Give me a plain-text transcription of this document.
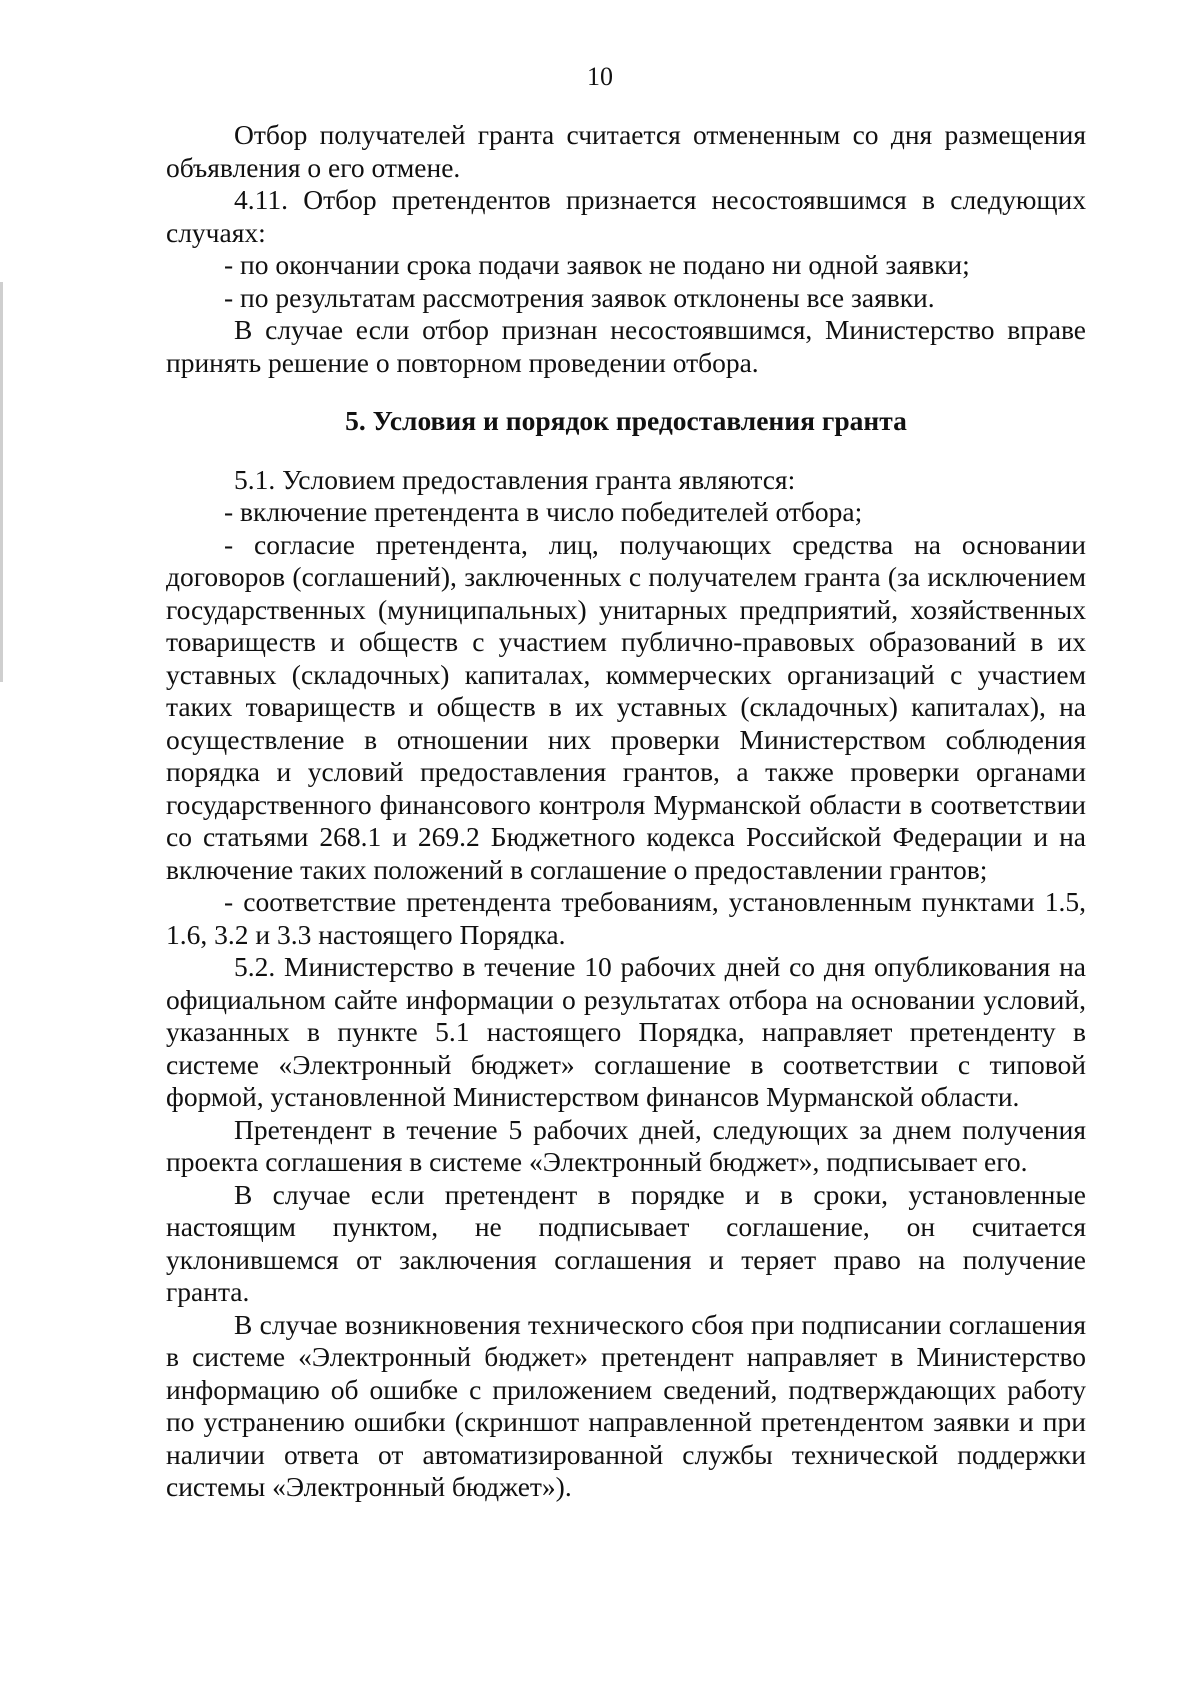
10

Отбор получателей гранта считается отмененным со дня размещения объявления о его отмене.

4.11. Отбор претендентов признается несостоявшимся в следующих случаях:

- по окончании срока подачи заявок не подано ни одной заявки;

- по результатам рассмотрения заявок отклонены все заявки.

В случае если отбор признан несостоявшимся, Министерство вправе принять решение о повторном проведении отбора.

5. Условия и порядок предоставления гранта

5.1. Условием предоставления гранта являются:

- включение претендента в число победителей отбора;

- согласие претендента, лиц, получающих средства на основании договоров (соглашений), заключенных с получателем гранта (за исключением государственных (муниципальных) унитарных предприятий, хозяйственных товариществ и обществ с участием публично-правовых образований в их уставных (складочных) капиталах, коммерческих организаций с участием таких товариществ и обществ в их уставных (складочных) капиталах), на осуществление в отношении них проверки Министерством соблюдения порядка и условий предоставления грантов, а также проверки органами государственного финансового контроля Мурманской области в соответствии со статьями 268.1 и 269.2 Бюджетного кодекса Российской Федерации и на включение таких положений в соглашение о предоставлении грантов;

- соответствие претендента требованиям, установленным пунктами 1.5, 1.6, 3.2 и 3.3 настоящего Порядка.

5.2. Министерство в течение 10 рабочих дней со дня опубликования на официальном сайте информации о результатах отбора на основании условий, указанных в пункте 5.1 настоящего Порядка, направляет претенденту в системе «Электронный бюджет» соглашение в соответствии с типовой формой, установленной Министерством финансов Мурманской области.

Претендент в течение 5 рабочих дней, следующих за днем получения проекта соглашения в системе «Электронный бюджет», подписывает его.

В случае если претендент в порядке и в сроки, установленные настоящим пунктом, не подписывает соглашение, он считается уклонившемся от заключения соглашения и теряет право на получение гранта.

В случае возникновения технического сбоя при подписании соглашения в системе «Электронный бюджет» претендент направляет в Министерство информацию об ошибке с приложением сведений, подтверждающих работу по устранению ошибки (скриншот направленной претендентом заявки и при наличии ответа от автоматизированной службы технической поддержки системы «Электронный бюджет»).
